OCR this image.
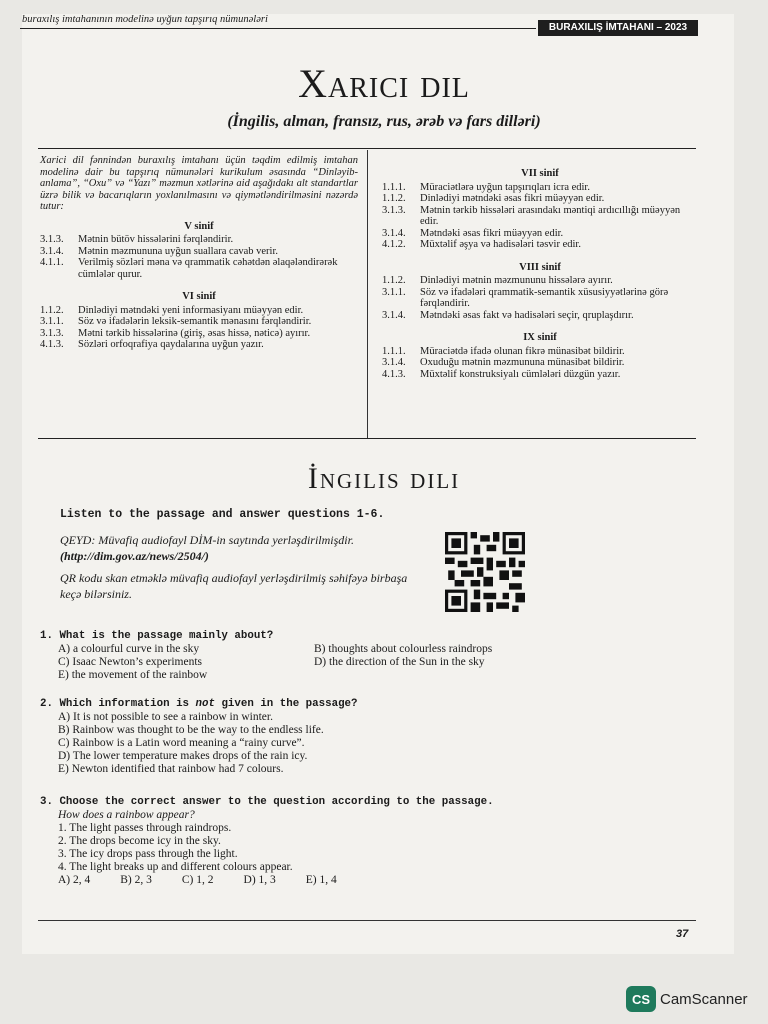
buraxılış imtahanının modelinə uyğun tapşırıq nümunələri
BURAXILIŞ İMTAHANI – 2023
Xarici dil
(İngilis, alman, fransız, rus, ərəb və fars dilləri)
Xarici dil fənnindən buraxılış imtahanı üçün təqdim edilmiş imtahan modelinə dair bu tapşırıq nümunələri kurikulum əsasında “Dinləyib-anlama”, “Oxu” və “Yazı” məzmun xətlərinə aid aşağıdakı alt standartlar üzrə bilik və bacarıqların yoxlanılmasını və qiymətləndirilməsini nəzərdə tutur:
V sinif
3.1.3.	Mətnin bütöv hissələrini fərqləndirir.
3.1.4.	Mətnin məzmununa uyğun suallara cavab verir.
4.1.1.	Verilmiş sözləri məna və qrammatik cəhətdən əlaqələndirərək cümlələr qurur.
VI sinif
1.1.2.	Dinlədiyi mətndəki yeni informasiyanı müəyyən edir.
3.1.1.	Söz və ifadələrin leksik-semantik mənasını fərqləndirir.
3.1.3.	Mətni tərkib hissələrinə (giriş, əsas hissə, nəticə) ayırır.
4.1.3.	Sözləri orfoqrafiya qaydalarına uyğun yazır.
VII sinif
1.1.1.	Müraciətlərə uyğun tapşırıqları icra edir.
1.1.2.	Dinlədiyi mətndəki əsas fikri müəyyən edir.
3.1.3.	Mətnin tərkib hissələri arasındakı məntiqi ardıcıllığı müəyyən edir.
3.1.4.	Mətndəki əsas fikri müəyyən edir.
4.1.2.	Müxtəlif əşya və hadisələri təsvir edir.
VIII sinif
1.1.2.	Dinlədiyi mətnin məzmununu hissələrə ayırır.
3.1.1.	Söz və ifadələri qrammatik-semantik xüsusiyyətlərinə görə fərqləndirir.
3.1.4.	Mətndəki əsas fakt və hadisələri seçir, qruplaşdırır.
IX sinif
1.1.1.	Müraciətdə ifadə olunan fikrə münasibət bildirir.
3.1.4.	Oxuduğu mətnin məzmununa münasibət bildirir.
4.1.3.	Müxtəlif konstruksiyalı cümlələri düzgün yazır.
İngilis dili
Listen to the passage and answer questions 1-6.
QEYD: Müvafiq audiofayl DİM-in saytında yerləşdirilmişdir.
(http://dim.gov.az/news/2504/)
QR kodu skan etməklə müvafiq audiofayl yerləşdirilmiş səhifəyə birbaşa keçə bilərsiniz.
1. What is the passage mainly about?
A) a colourful curve in the sky	B) thoughts about colourless raindrops
C) Isaac Newton’s experiments	D) the direction of the Sun in the sky
E) the movement of the rainbow
2. Which information is not given in the passage?
A) It is not possible to see a rainbow in winter.
B) Rainbow was thought to be the way to the endless life.
C) Rainbow is a Latin word meaning a “rainy curve”.
D) The lower temperature makes drops of the rain icy.
E) Newton identified that rainbow had 7 colours.
3. Choose the correct answer to the question according to the passage.
How does a rainbow appear?
1. The light passes through raindrops.
2. The drops become icy in the sky.
3. The icy drops pass through the light.
4. The light breaks up and different colours appear.
A) 2, 4	B) 2, 3	C) 1, 2	D) 1, 3	E) 1, 4
37
CS CamScanner
